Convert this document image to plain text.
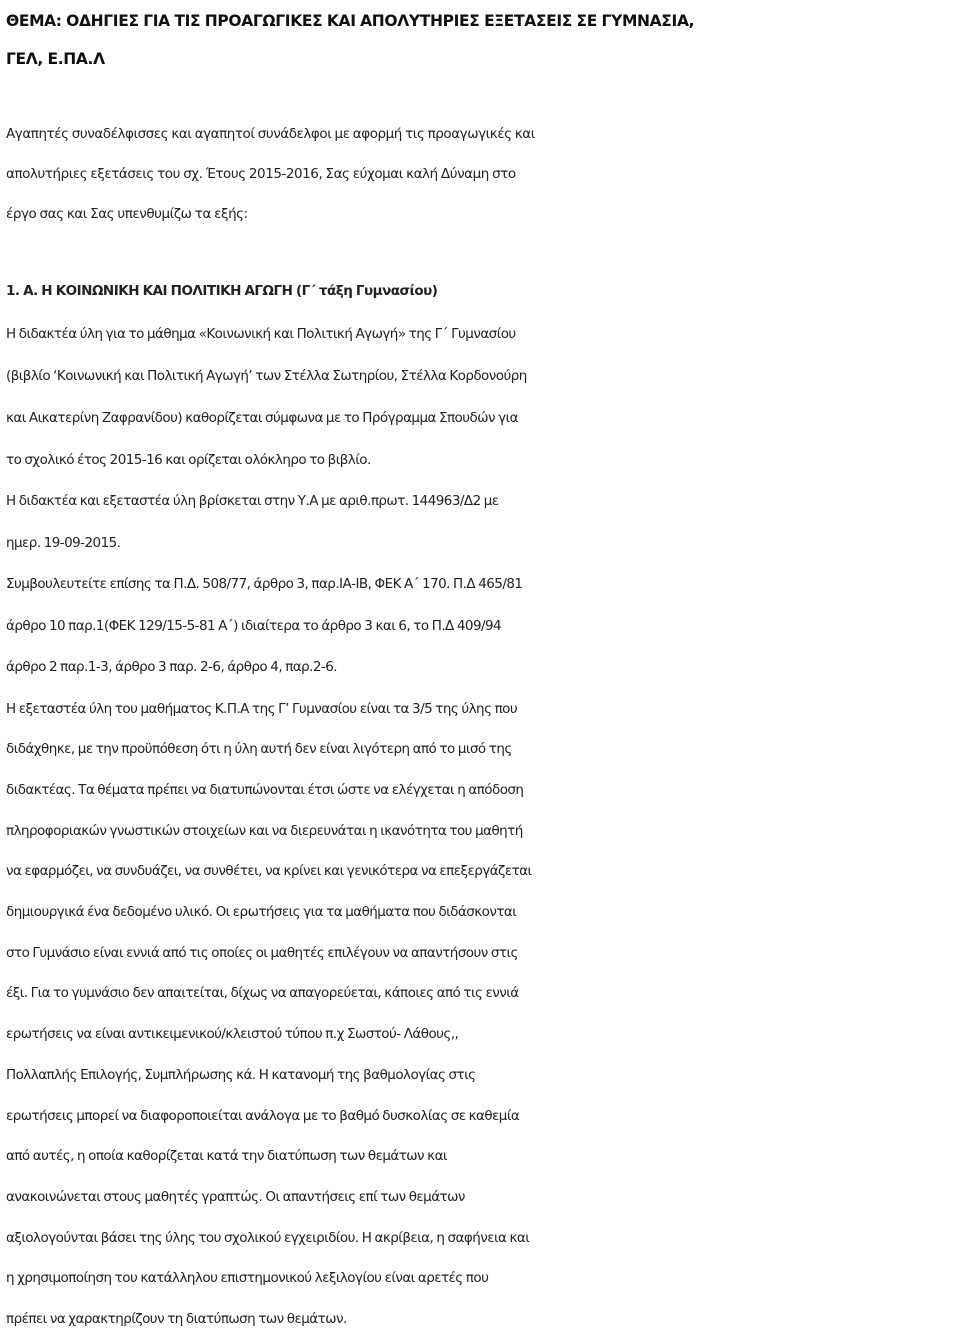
ΘΕΜΑ: ΟΔΗΓΙΕΣ ΓΙΑ ΤΙΣ ΠΡΟΑΓΩΓΙΚΕΣ ΚΑΙ ΑΠΟΛΥΤΗΡΙΕΣ ΕΞΕΤΑΣΕΙΣ ΣΕ ΓΥΜΝΑΣΙΑ,
ΓΕΛ, Ε.ΠΑ.Λ

Αγαπητές συναδέλφισσες και αγαπητοί συνάδελφοι με αφορμή τις προαγωγικές και
απολυτήριες εξετάσεις του σχ. Έτους 2015-2016, Σας εύχομαι καλή Δύναμη στο
έργο σας και Σας υπενθυμίζω τα εξής:

1. Α. Η ΚΟΙΝΩΝΙΚΗ ΚΑΙ ΠΟΛΙΤΙΚΗ ΑΓΩΓΗ (Γ΄ τάξη Γυμνασίου)

Η διδακτέα ύλη για το μάθημα «Κοινωνική και Πολιτική Αγωγή» της Γ΄ Γυμνασίου
(βιβλίο ‘Κοινωνική και Πολιτική Αγωγή’ των Στέλλα Σωτηρίου, Στέλλα Κορδονούρη
και Αικατερίνη Ζαφρανίδου) καθορίζεται σύμφωνα με το Πρόγραμμα Σπουδών για
το σχολικό έτος 2015-16 και ορίζεται ολόκληρο το βιβλίο.

Η διδακτέα και εξεταστέα ύλη βρίσκεται στην Υ.Α με αριθ.πρωτ. 144963/Δ2 με
ημερ. 19-09-2015.

Συμβουλευτείτε επίσης τα Π.Δ. 508/77, άρθρο 3, παρ.ΙΑ-ΙΒ, ΦΕΚ Α΄ 170. Π.Δ 465/81
άρθρο 10 παρ.1(ΦΕΚ 129/15-5-81 Α΄) ιδιαίτερα το άρθρο 3 και 6, το Π.Δ 409/94
άρθρο 2 παρ.1-3, άρθρο 3 παρ. 2-6, άρθρο 4, παρ.2-6.

Η εξεταστέα ύλη του μαθήματος Κ.Π.Α της Γ’ Γυμνασίου είναι τα 3/5 της ύλης που
διδάχθηκε, με την προϋπόθεση ότι η ύλη αυτή δεν είναι λιγότερη από το μισό της
διδακτέας. Τα θέματα πρέπει να διατυπώνονται έτσι ώστε να ελέγχεται η απόδοση
πληροφοριακών γνωστικών στοιχείων και να διερευνάται η ικανότητα του μαθητή
να εφαρμόζει, να συνδυάζει, να συνθέτει, να κρίνει και γενικότερα να επεξεργάζεται
δημιουργικά ένα δεδομένο υλικό. Οι ερωτήσεις για τα μαθήματα που διδάσκονται
στο Γυμνάσιο είναι εννιά από τις οποίες οι μαθητές επιλέγουν να απαντήσουν στις
έξι. Για το γυμνάσιο δεν απαιτείται, δίχως να απαγορεύεται, κάποιες από τις εννιά
ερωτήσεις να είναι αντικειμενικού/κλειστού τύπου π.χ Σωστού- Λάθους,,
Πολλαπλής Επιλογής, Συμπλήρωσης κά. Η κατανομή της βαθμολογίας στις
ερωτήσεις μπορεί να διαφοροποιείται ανάλογα με το βαθμό δυσκολίας σε καθεμία
από αυτές, η οποία καθορίζεται κατά την διατύπωση των θεμάτων και
ανακοινώνεται στους μαθητές γραπτώς. Οι απαντήσεις επί των θεμάτων
αξιολογούνται βάσει της ύλης του σχολικού εγχειριδίου. Η ακρίβεια, η σαφήνεια και
η χρησιμοποίηση του κατάλληλου επιστημονικού λεξιλογίου είναι αρετές που
πρέπει να χαρακτηρίζουν τη διατύπωση των θεμάτων.
